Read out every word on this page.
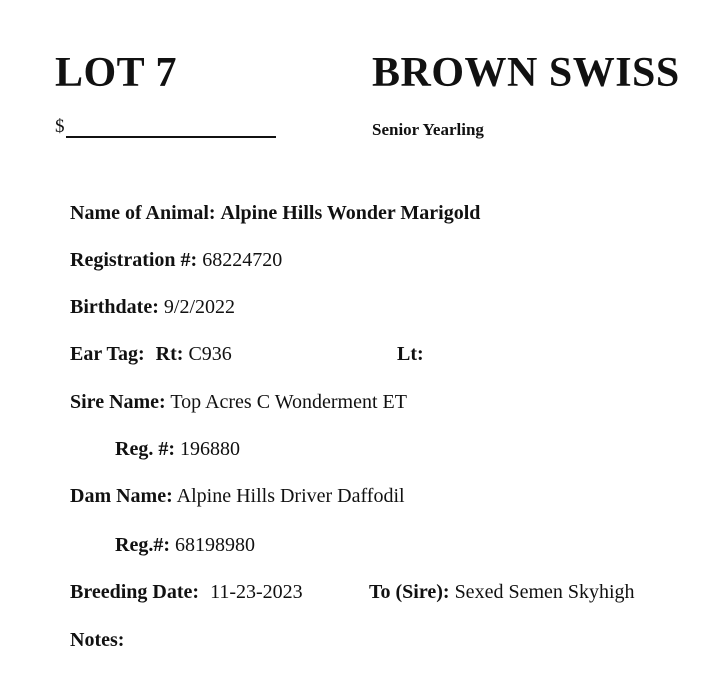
LOT 7	BROWN SWISS
$	Senior Yearling
Name of Animal: Alpine Hills Wonder Marigold
Registration #: 68224720
Birthdate: 9/2/2022
Ear Tag: Rt: C936	Lt:
Sire Name: Top Acres C Wonderment ET
Reg. #: 196880
Dam Name: Alpine Hills Driver Daffodil
Reg.#: 68198980
Breeding Date: 11-23-2023	To (Sire): Sexed Semen Skyhigh
Notes:
